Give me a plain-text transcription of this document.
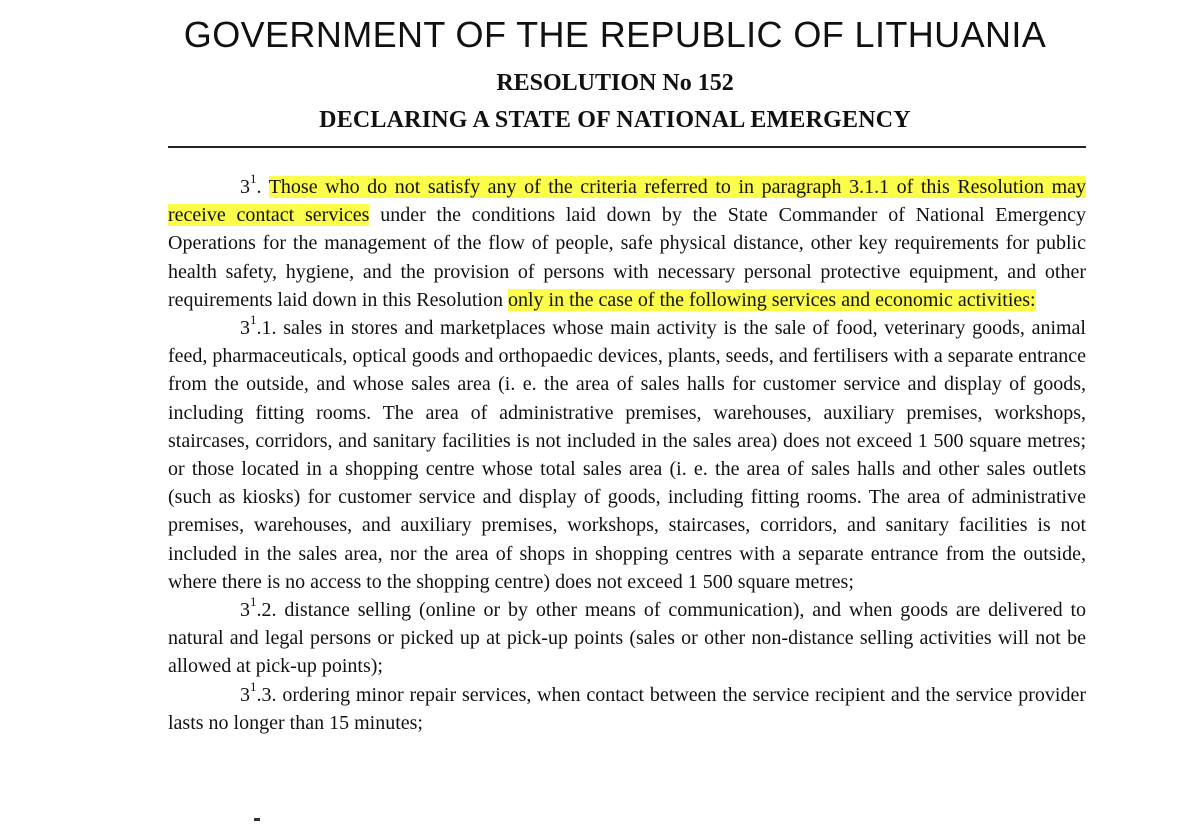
GOVERNMENT OF THE REPUBLIC OF LITHUANIA
RESOLUTION No 152
DECLARING A STATE OF NATIONAL EMERGENCY

$3^1$. Those who do not satisfy any of the criteria referred to in paragraph 3.1.1 of this Resolution may receive contact services under the conditions laid down by the State Commander of National Emergency Operations for the management of the flow of people, safe physical distance, other key requirements for public health safety, hygiene, and the provision of persons with necessary personal protective equipment, and other requirements laid down in this Resolution only in the case of the following services and economic activities:

$3^1.1$. sales in stores and marketplaces whose main activity is the sale of food, veterinary goods, animal feed, pharmaceuticals, optical goods and orthopaedic devices, plants, seeds, and fertilisers with a separate entrance from the outside, and whose sales area (i. e. the area of sales halls for customer service and display of goods, including fitting rooms. The area of administrative premises, warehouses, auxiliary premises, workshops, staircases, corridors, and sanitary facilities is not included in the sales area) does not exceed 1 500 square metres; or those located in a shopping centre whose total sales area (i. e. the area of sales halls and other sales outlets (such as kiosks) for customer service and display of goods, including fitting rooms. The area of administrative premises, warehouses, and auxiliary premises, workshops, staircases, corridors, and sanitary facilities is not included in the sales area, nor the area of shops in shopping centres with a separate entrance from the outside, where there is no access to the shopping centre) does not exceed 1 500 square metres;

$3^1.2$. distance selling (online or by other means of communication), and when goods are delivered to natural and legal persons or picked up at pick-up points (sales or other non-distance selling activities will not be allowed at pick-up points);

$3^1.3$. ordering minor repair services, when contact between the service recipient and the service provider lasts no longer than 15 minutes;
